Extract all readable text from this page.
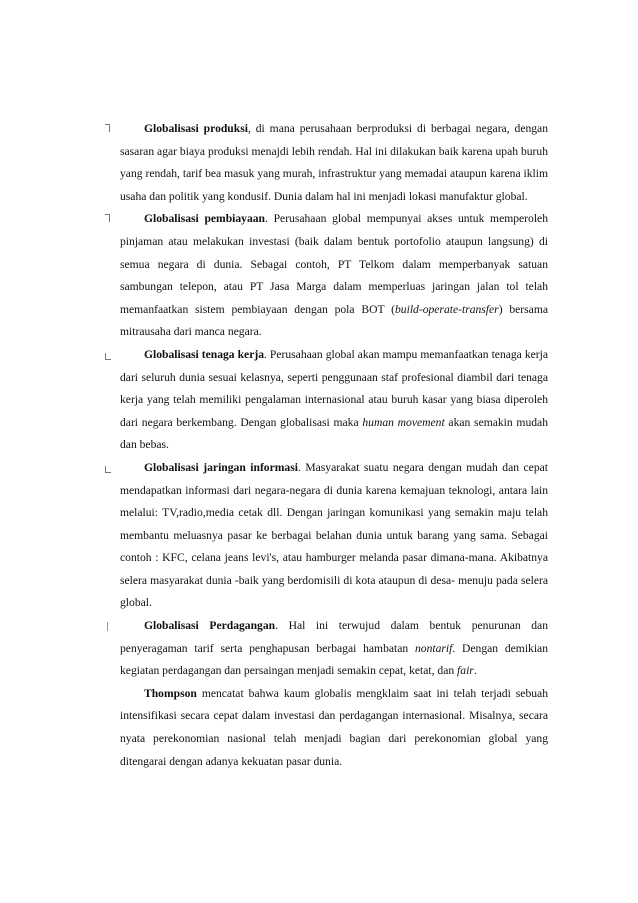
Globalisasi produksi, di mana perusahaan berproduksi di berbagai negara, dengan sasaran agar biaya produksi menajdi lebih rendah. Hal ini dilakukan baik karena upah buruh yang rendah, tarif bea masuk yang murah, infrastruktur yang memadai ataupun karena iklim usaha dan politik yang kondusif. Dunia dalam hal ini menjadi lokasi manufaktur global.

Globalisasi pembiayaan. Perusahaan global mempunyai akses untuk memperoleh pinjaman atau melakukan investasi (baik dalam bentuk portofolio ataupun langsung) di semua negara di dunia. Sebagai contoh, PT Telkom dalam memperbanyak satuan sambungan telepon, atau PT Jasa Marga dalam memperluas jaringan jalan tol telah memanfaatkan sistem pembiayaan dengan pola BOT (build-operate-transfer) bersama mitrausaha dari manca negara.

Globalisasi tenaga kerja. Perusahaan global akan mampu memanfaatkan tenaga kerja dari seluruh dunia sesuai kelasnya, seperti penggunaan staf profesional diambil dari tenaga kerja yang telah memiliki pengalaman internasional atau buruh kasar yang biasa diperoleh dari negara berkembang. Dengan globalisasi maka human movement akan semakin mudah dan bebas.

Globalisasi jaringan informasi. Masyarakat suatu negara dengan mudah dan cepat mendapatkan informasi dari negara-negara di dunia karena kemajuan teknologi, antara lain melalui: TV,radio,media cetak dll. Dengan jaringan komunikasi yang semakin maju telah membantu meluasnya pasar ke berbagai belahan dunia untuk barang yang sama. Sebagai contoh : KFC, celana jeans levi's, atau hamburger melanda pasar dimana-mana. Akibatnya selera masyarakat dunia -baik yang berdomisili di kota ataupun di desa- menuju pada selera global.

Globalisasi Perdagangan. Hal ini terwujud dalam bentuk penurunan dan penyeragaman tarif serta penghapusan berbagai hambatan nontarif. Dengan demikian kegiatan perdagangan dan persaingan menjadi semakin cepat, ketat, dan fair.

Thompson mencatat bahwa kaum globalis mengklaim saat ini telah terjadi sebuah intensifikasi secara cepat dalam investasi dan perdagangan internasional. Misalnya, secara nyata perekonomian nasional telah menjadi bagian dari perekonomian global yang ditengarai dengan adanya kekuatan pasar dunia.
